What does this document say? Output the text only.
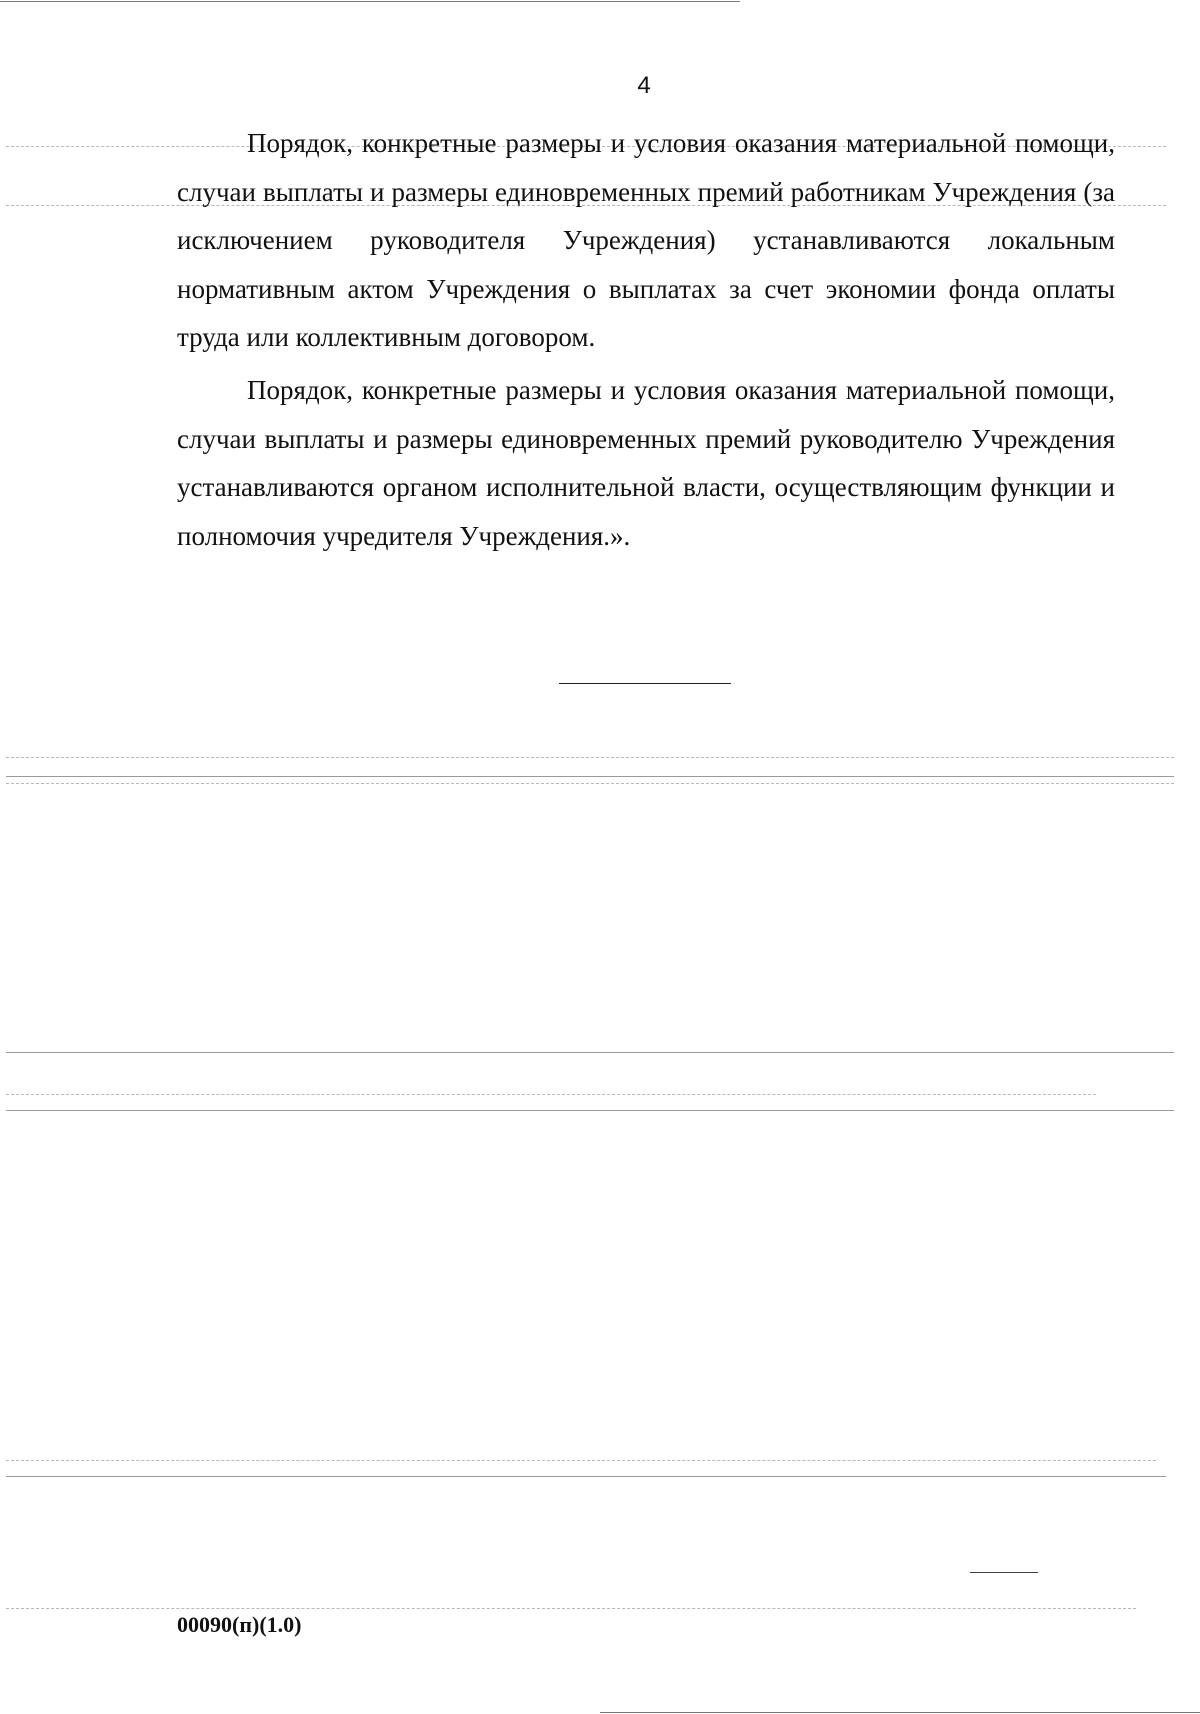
4

Порядок, конкретные размеры и условия оказания материальной помощи, случаи выплаты и размеры единовременных премий работникам Учреждения (за исключением руководителя Учреждения) устанавливаются локальным нормативным актом Учреждения о выплатах за счет экономии фонда оплаты труда или коллективным договором.

Порядок, конкретные размеры и условия оказания материальной помощи, случаи выплаты и размеры единовременных премий руководителю Учреждения устанавливаются органом исполнительной власти, осуществляющим функции и полномочия учредителя Учреждения.».

00090(п)(1.0)
